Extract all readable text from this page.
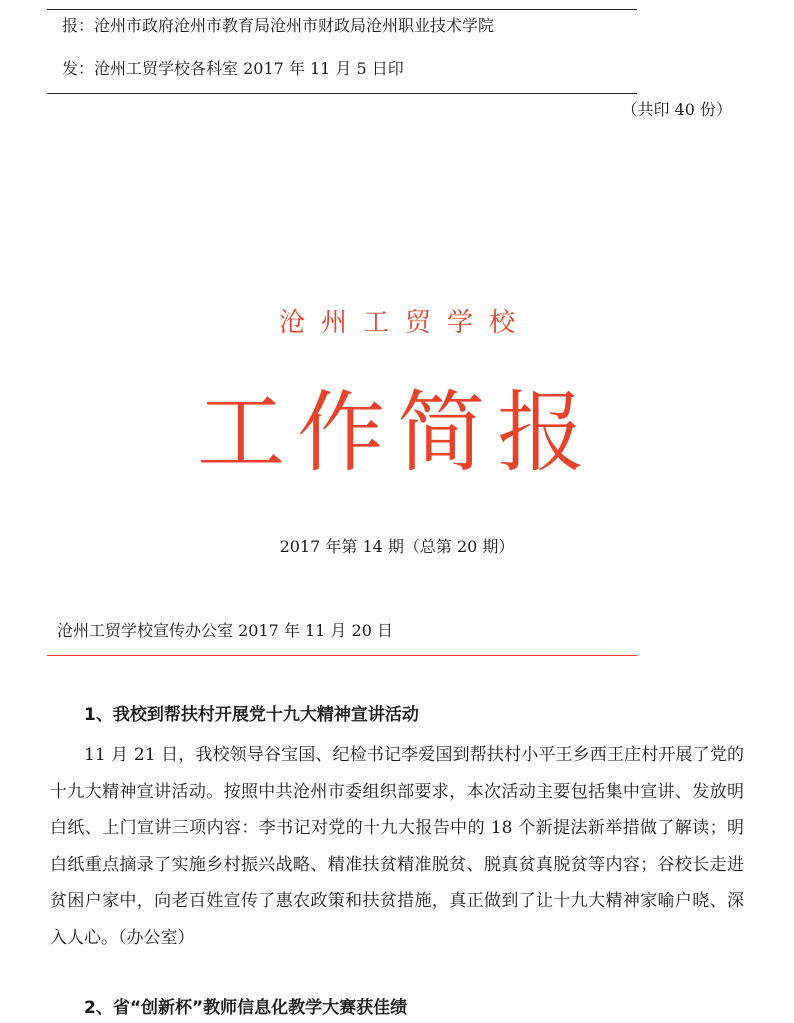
报：沧州市政府沧州市教育局沧州市财政局沧州职业技术学院
发：沧州工贸学校各科室 2017 年 11 月 5 日印
（共印 40 份）
沧州工贸学校
工作简报
2017 年第 14 期（总第 20 期）
沧州工贸学校宣传办公室 2017 年 11 月 20 日
1、我校到帮扶村开展党十九大精神宣讲活动

11 月 21 日，我校领导谷宝国、纪检书记李爱国到帮扶村小平王乡西王庄村开展了党的十九大精神宣讲活动。按照中共沧州市委组织部要求，本次活动主要包括集中宣讲、发放明白纸、上门宣讲三项内容：李书记对党的十九大报告中的 18 个新提法新举措做了解读；明白纸重点摘录了实施乡村振兴战略、精准扶贫精准脱贫、脱真贫真脱贫等内容；谷校长走进贫困户家中，向老百姓宣传了惠农政策和扶贫措施，真正做到了让十九大精神家喻户晓、深入人心。（办公室）

2、省“创新杯”教师信息化教学大赛获佳绩
